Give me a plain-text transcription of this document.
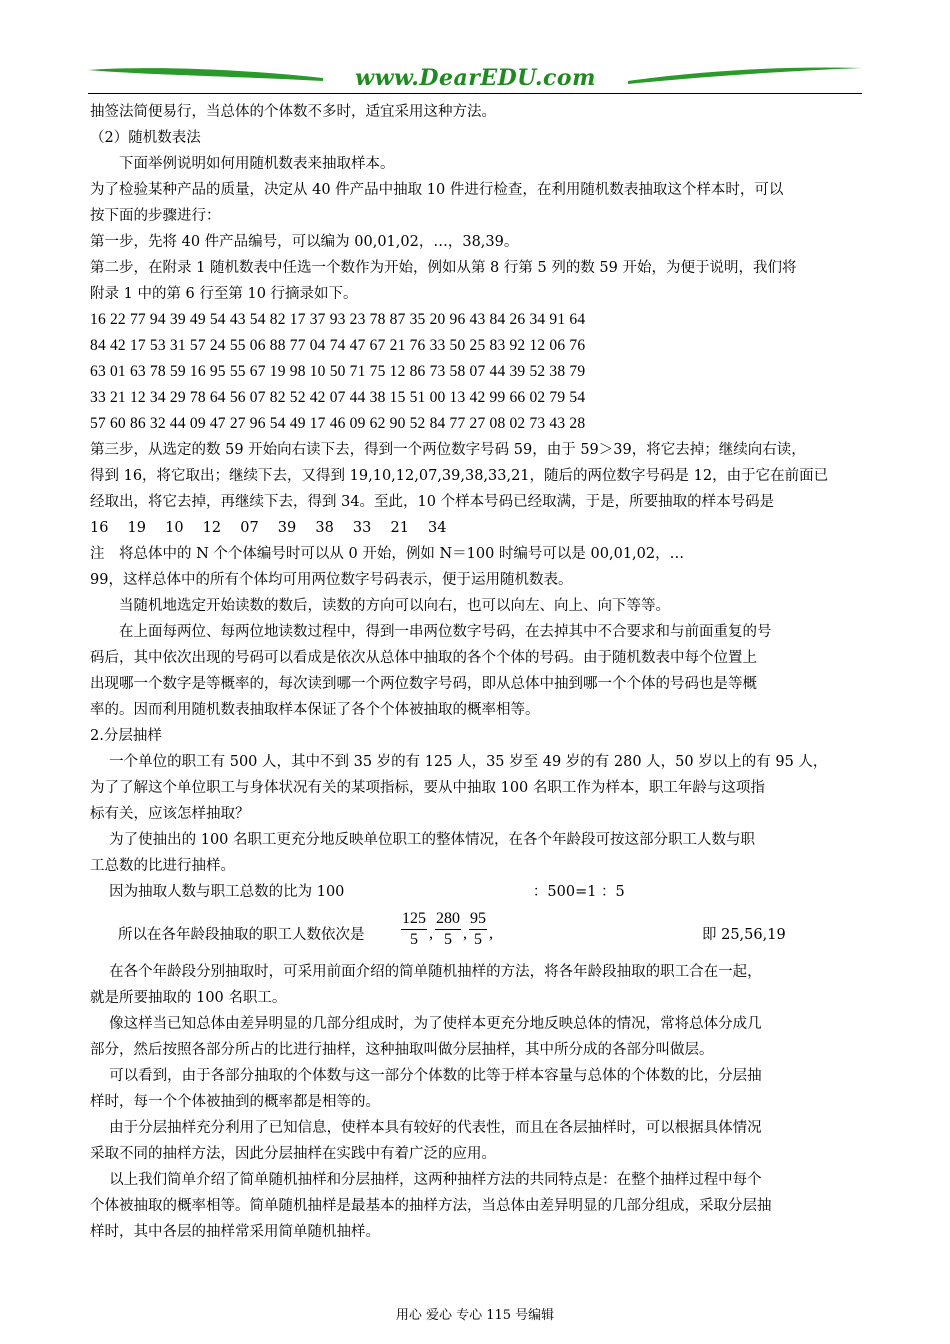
www.DearEDU.com
抽签法简便易行，当总体的个体数不多时，适宜采用这种方法。
（2）随机数表法
　　下面举例说明如何用随机数表来抽取样本。
为了检验某种产品的质量，决定从 40 件产品中抽取 10 件进行检查，在利用随机数表抽取这个样本时，可以
按下面的步骤进行：
第一步，先将 40 件产品编号，可以编为 00,01,02，…，38,39。
第二步，在附录 1 随机数表中任选一个数作为开始，例如从第 8 行第 5 列的数 59 开始，为便于说明，我们将
附录 1 中的第 6 行至第 10 行摘录如下。
16 22 77 94 39 49 54 43 54 82 17 37 93 23 78 87 35 20 96 43 84 26 34 91 64
84 42 17 53 31 57 24 55 06 88 77 04 74 47 67 21 76 33 50 25 83 92 12 06 76
63 01 63 78 59 16 95 55 67 19 98 10 50 71 75 12 86 73 58 07 44 39 52 38 79
33 21 12 34 29 78 64 56 07 82 52 42 07 44 38 15 51 00 13 42 99 66 02 79 54
57 60 86 32 44 09 47 27 96 54 49 17 46 09 62 90 52 84 77 27 08 02 73 43 28
第三步，从选定的数 59 开始向右读下去，得到一个两位数字号码 59，由于 59＞39，将它去掉；继续向右读，
得到 16，将它取出；继续下去，又得到 19,10,12,07,39,38,33,21，随后的两位数字号码是 12，由于它在前面已
经取出，将它去掉，再继续下去，得到 34。至此，10 个样本号码已经取满，于是，所要抽取的样本号码是
16　 19　 10　 12　 07　 39　 38　 33　 21　 34
注　将总体中的 N 个个体编号时可以从 0 开始，例如 N＝100 时编号可以是 00,01,02，…
99，这样总体中的所有个体均可用两位数字号码表示，便于运用随机数表。
　　当随机地选定开始读数的数后，读数的方向可以向右，也可以向左、向上、向下等等。
　　在上面每两位、每两位地读数过程中，得到一串两位数字号码，在去掉其中不合要求和与前面重复的号
码后，其中依次出现的号码可以看成是依次从总体中抽取的各个个体的号码。由于随机数表中每个位置上
出现哪一个数字是等概率的，每次读到哪一个两位数字号码，即从总体中抽到哪一个个体的号码也是等概
率的。因而利用随机数表抽取样本保证了各个个体被抽取的概率相等。
2.分层抽样
　 一个单位的职工有 500 人，其中不到 35 岁的有 125 人，35 岁至 49 岁的有 280 人，50 岁以上的有 95 人，
为了了解这个单位职工与身体状况有关的某项指标，要从中抽取 100 名职工作为样本，职工年龄与这项指
标有关，应该怎样抽取？
　 为了使抽出的 100 名职工更充分地反映单位职工的整体情况，在各个年龄段可按这部分职工人数与职
工总数的比进行抽样。
　 因为抽取人数与职工总数的比为 100　　　　　　　　　　　　　：500=1 ：5
所以在各年龄段抽取的职工人数依次是 $\frac{125}{5}$ , $\frac{280}{5}$ , $\frac{95}{5}$ ,	即 25,56,19
　 在各个年龄段分别抽取时，可采用前面介绍的简单随机抽样的方法，将各年龄段抽取的职工合在一起，
就是所要抽取的 100 名职工。
　 像这样当已知总体由差异明显的几部分组成时，为了使样本更充分地反映总体的情况，常将总体分成几
部分，然后按照各部分所占的比进行抽样，这种抽取叫做分层抽样，其中所分成的各部分叫做层。
　 可以看到，由于各部分抽取的个体数与这一部分个体数的比等于样本容量与总体的个体数的比，分层抽
样时，每一个个体被抽到的概率都是相等的。
　 由于分层抽样充分利用了已知信息，使样本具有较好的代表性，而且在各层抽样时，可以根据具体情况
采取不同的抽样方法，因此分层抽样在实践中有着广泛的应用。
　 以上我们简单介绍了简单随机抽样和分层抽样，这两种抽样方法的共同特点是：在整个抽样过程中每个
个体被抽取的概率相等。简单随机抽样是最基本的抽样方法，当总体由差异明显的几部分组成，采取分层抽
样时，其中各层的抽样常采用简单随机抽样。
用心 爱心 专心 115 号编辑
